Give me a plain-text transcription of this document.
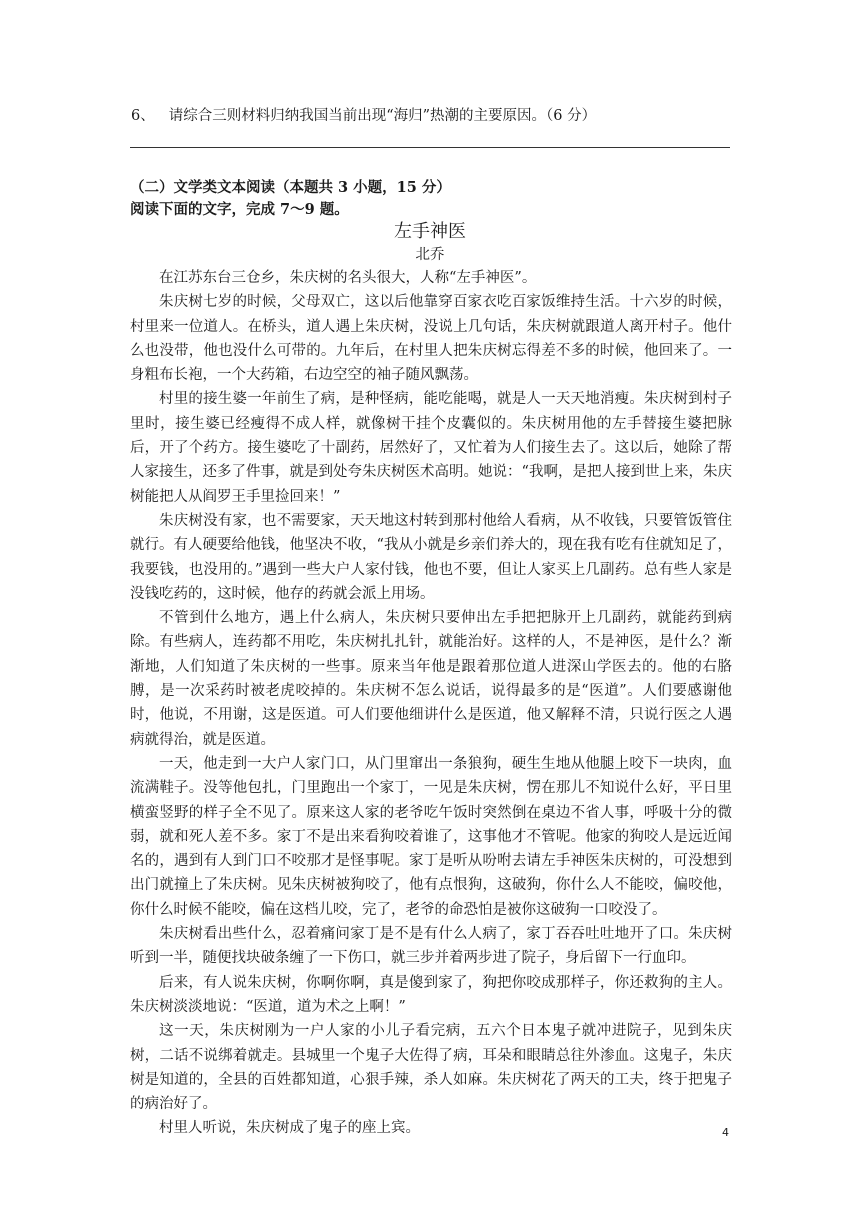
6、 请综合三则材料归纳我国当前出现“海归”热潮的主要原因。（6 分）
（二）文学类文本阅读（本题共 3 小题，15 分）
阅读下面的文字，完成 7～9 题。
左手神医
北乔

在江苏东台三仓乡，朱庆树的名头很大，人称“左手神医”。

朱庆树七岁的时候，父母双亡，这以后他靠穿百家衣吃百家饭维持生活。十六岁的时候，村里来一位道人。在桥头，道人遇上朱庆树，没说上几句话，朱庆树就跟道人离开村子。他什么也没带，他也没什么可带的。九年后，在村里人把朱庆树忘得差不多的时候，他回来了。一身粗布长袍，一个大药箱，右边空空的袖子随风飘荡。

村里的接生婆一年前生了病，是种怪病，能吃能喝，就是人一天天地消瘦。朱庆树到村子里时，接生婆已经瘦得不成人样，就像树干挂个皮囊似的。朱庆树用他的左手替接生婆把脉后，开了个药方。接生婆吃了十副药，居然好了，又忙着为人们接生去了。这以后，她除了帮人家接生，还多了件事，就是到处夸朱庆树医术高明。她说：“我啊，是把人接到世上来，朱庆树能把人从阎罗王手里捡回来！”

朱庆树没有家，也不需要家，天天地这村转到那村他给人看病，从不收钱，只要管饭管住就行。有人硬要给他钱，他坚决不收，“我从小就是乡亲们养大的，现在我有吃有住就知足了，我要钱，也没用的。”遇到一些大户人家付钱，他也不要，但让人家买上几副药。总有些人家是没钱吃药的，这时候，他存的药就会派上用场。

不管到什么地方，遇上什么病人，朱庆树只要伸出左手把把脉开上几副药，就能药到病除。有些病人，连药都不用吃，朱庆树扎扎针，就能治好。这样的人，不是神医，是什么？渐渐地，人们知道了朱庆树的一些事。原来当年他是跟着那位道人进深山学医去的。他的右胳膊，是一次采药时被老虎咬掉的。朱庆树不怎么说话，说得最多的是“医道”。人们要感谢他时，他说，不用谢，这是医道。可人们要他细讲什么是医道，他又解释不清，只说行医之人遇病就得治，就是医道。

一天，他走到一大户人家门口，从门里窜出一条狼狗，硬生生地从他腿上咬下一块肉，血流满鞋子。没等他包扎，门里跑出一个家丁，一见是朱庆树，愣在那儿不知说什么好，平日里横蛮竖野的样子全不见了。原来这人家的老爷吃午饭时突然倒在桌边不省人事，呼吸十分的微弱，就和死人差不多。家丁不是出来看狗咬着谁了，这事他才不管呢。他家的狗咬人是远近闻名的，遇到有人到门口不咬那才是怪事呢。家丁是听从吩咐去请左手神医朱庆树的，可没想到出门就撞上了朱庆树。见朱庆树被狗咬了，他有点恨狗，这破狗，你什么人不能咬，偏咬他，你什么时候不能咬，偏在这档儿咬，完了，老爷的命恐怕是被你这破狗一口咬没了。

朱庆树看出些什么，忍着痛问家丁是不是有什么人病了，家丁吞吞吐吐地开了口。朱庆树听到一半，随便找块破条缠了一下伤口，就三步并着两步进了院子，身后留下一行血印。

后来，有人说朱庆树，你啊你啊，真是傻到家了，狗把你咬成那样子，你还救狗的主人。朱庆树淡淡地说：“医道，道为术之上啊！”

这一天，朱庆树刚为一户人家的小儿子看完病，五六个日本鬼子就冲进院子，见到朱庆树，二话不说绑着就走。县城里一个鬼子大佐得了病，耳朵和眼睛总往外渗血。这鬼子，朱庆树是知道的，全县的百姓都知道，心狠手辣，杀人如麻。朱庆树花了两天的工夫，终于把鬼子的病治好了。

村里人听说，朱庆树成了鬼子的座上宾。	4
